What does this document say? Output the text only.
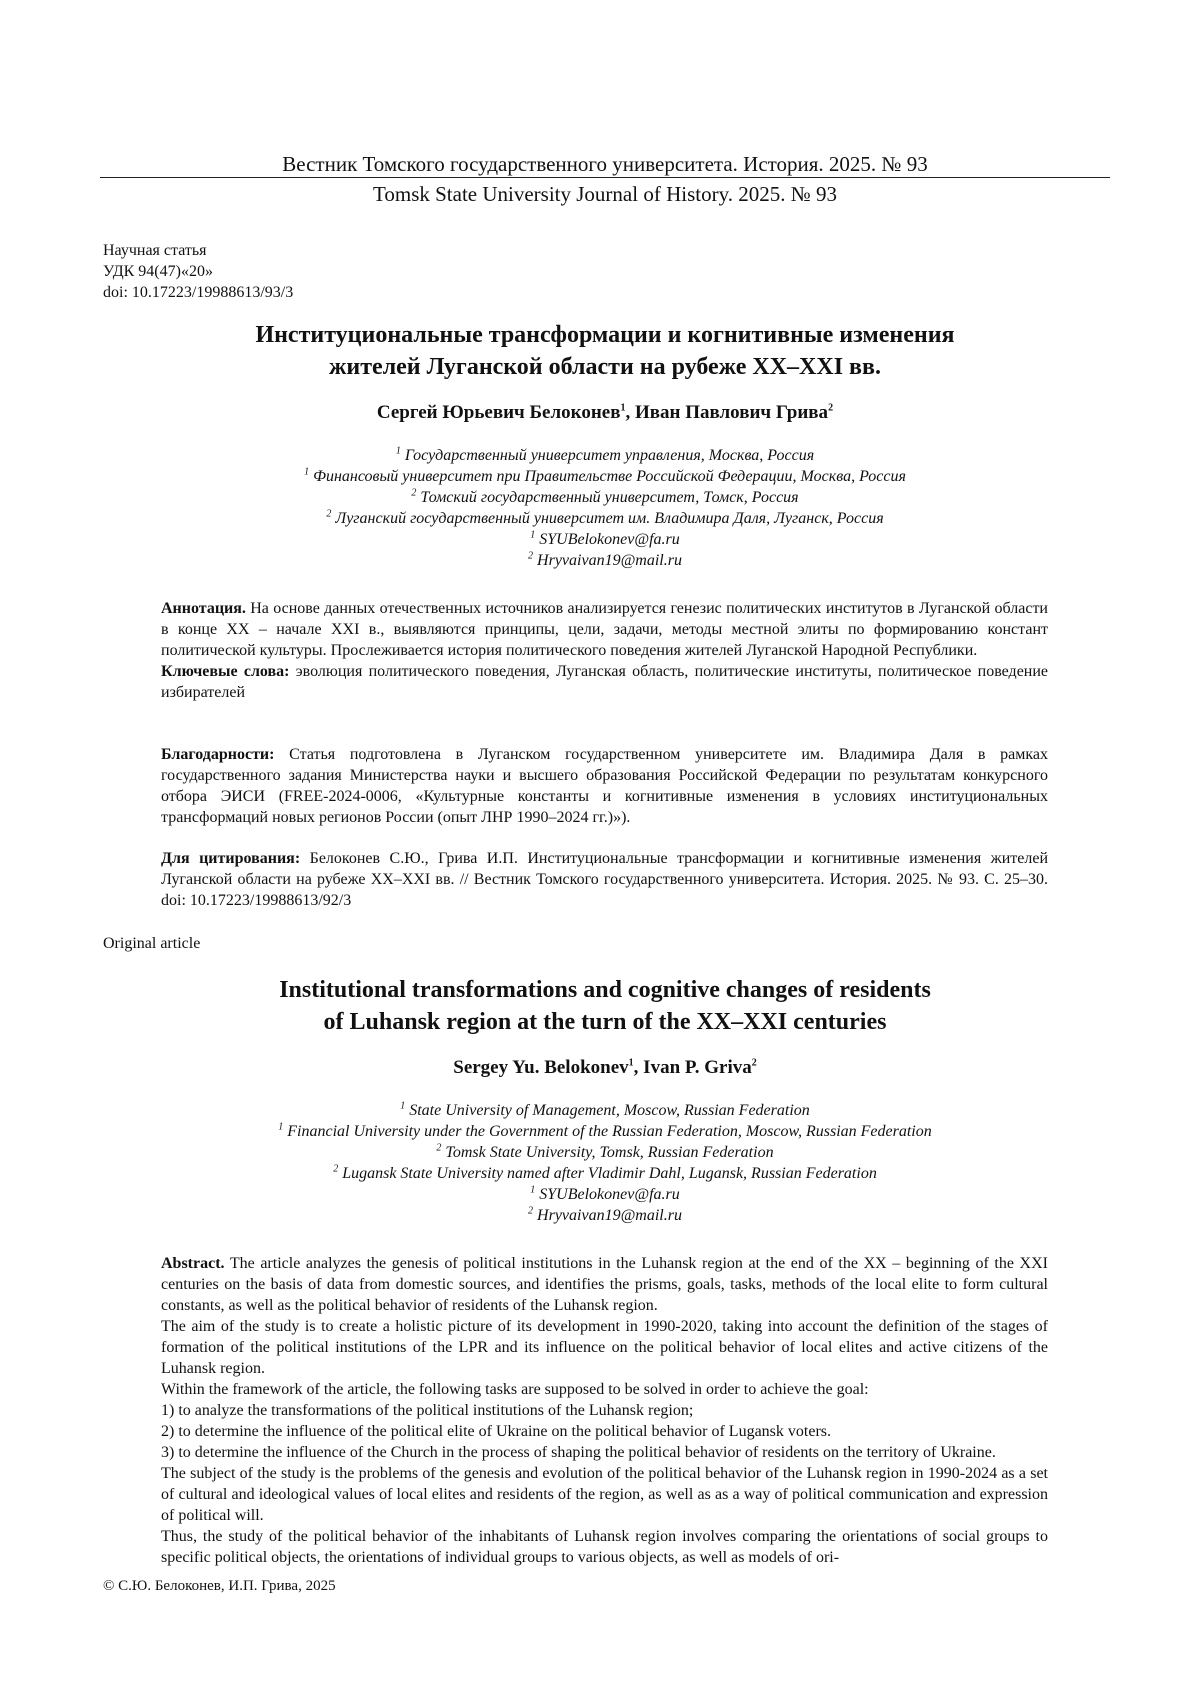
Вестник Томского государственного университета. История. 2025. № 93
Tomsk State University Journal of History. 2025. № 93
Научная статья
УДК 94(47)«20»
doi: 10.17223/19988613/93/3
Институциональные трансформации и когнитивные изменения
жителей Луганской области на рубеже XX–XXI вв.
Сергей Юрьевич Белоконев$^1$, Иван Павлович Грива$^2$
$^1$ Государственный университет управления, Москва, Россия
$^1$ Финансовый университет при Правительстве Российской Федерации, Москва, Россия
$^2$ Томский государственный университет, Томск, Россия
$^2$ Луганский государственный университет им. Владимира Даля, Луганск, Россия
$^1$ SYUBelokonev@fa.ru
$^2$ Hryvaivan19@mail.ru

Аннотация. На основе данных отечественных источников анализируется генезис политических институтов в Луганской области в конце XX – начале XXI в., выявляются принципы, цели, задачи, методы местной элиты по формированию констант политической культуры. Прослеживается история политического поведения жителей Луганской Народной Республики.

Ключевые слова: эволюция политического поведения, Луганская область, политические институты, политическое поведение избирателей

Благодарности: Статья подготовлена в Луганском государственном университете им. Владимира Даля в рамках государственного задания Министерства науки и высшего образования Российской Федерации по результатам конкурсного отбора ЭИСИ (FREE-2024-0006, «Культурные константы и когнитивные изменения в условиях институциональных трансформаций новых регионов России (опыт ЛНР 1990–2024 гг.)»).

Для цитирования: Белоконев С.Ю., Грива И.П. Институциональные трансформации и когнитивные изменения жителей Луганской области на рубеже XX–XXI вв. // Вестник Томского государственного университета. История. 2025. № 93. С. 25–30. doi: 10.17223/19988613/92/3

Original article
Institutional transformations and cognitive changes of residents
of Luhansk region at the turn of the XX–XXI centuries
Sergey Yu. Belokonev$^1$, Ivan P. Griva$^2$
$^1$ State University of Management, Moscow, Russian Federation
$^1$ Financial University under the Government of the Russian Federation, Moscow, Russian Federation
$^2$ Tomsk State University, Tomsk, Russian Federation
$^2$ Lugansk State University named after Vladimir Dahl, Lugansk, Russian Federation
$^1$ SYUBelokonev@fa.ru
$^2$ Hryvaivan19@mail.ru

Abstract. The article analyzes the genesis of political institutions in the Luhansk region at the end of the XX – beginning of the XXI centuries on the basis of data from domestic sources, and identifies the prisms, goals, tasks, methods of the local elite to form cultural constants, as well as the political behavior of residents of the Luhansk region.

The aim of the study is to create a holistic picture of its development in 1990-2020, taking into account the definition of the stages of formation of the political institutions of the LPR and its influence on the political behavior of local elites and active citizens of the Luhansk region.

Within the framework of the article, the following tasks are supposed to be solved in order to achieve the goal:

1) to analyze the transformations of the political institutions of the Luhansk region;

2) to determine the influence of the political elite of Ukraine on the political behavior of Lugansk voters.

3) to determine the influence of the Church in the process of shaping the political behavior of residents on the territory of Ukraine.

The subject of the study is the problems of the genesis and evolution of the political behavior of the Luhansk region in 1990-2024 as a set of cultural and ideological values of local elites and residents of the region, as well as as a way of political communication and expression of political will.

Thus, the study of the political behavior of the inhabitants of Luhansk region involves comparing the orientations of social groups to specific political objects, the orientations of individual groups to various objects, as well as models of ori-

© С.Ю. Белоконев, И.П. Грива, 2025
